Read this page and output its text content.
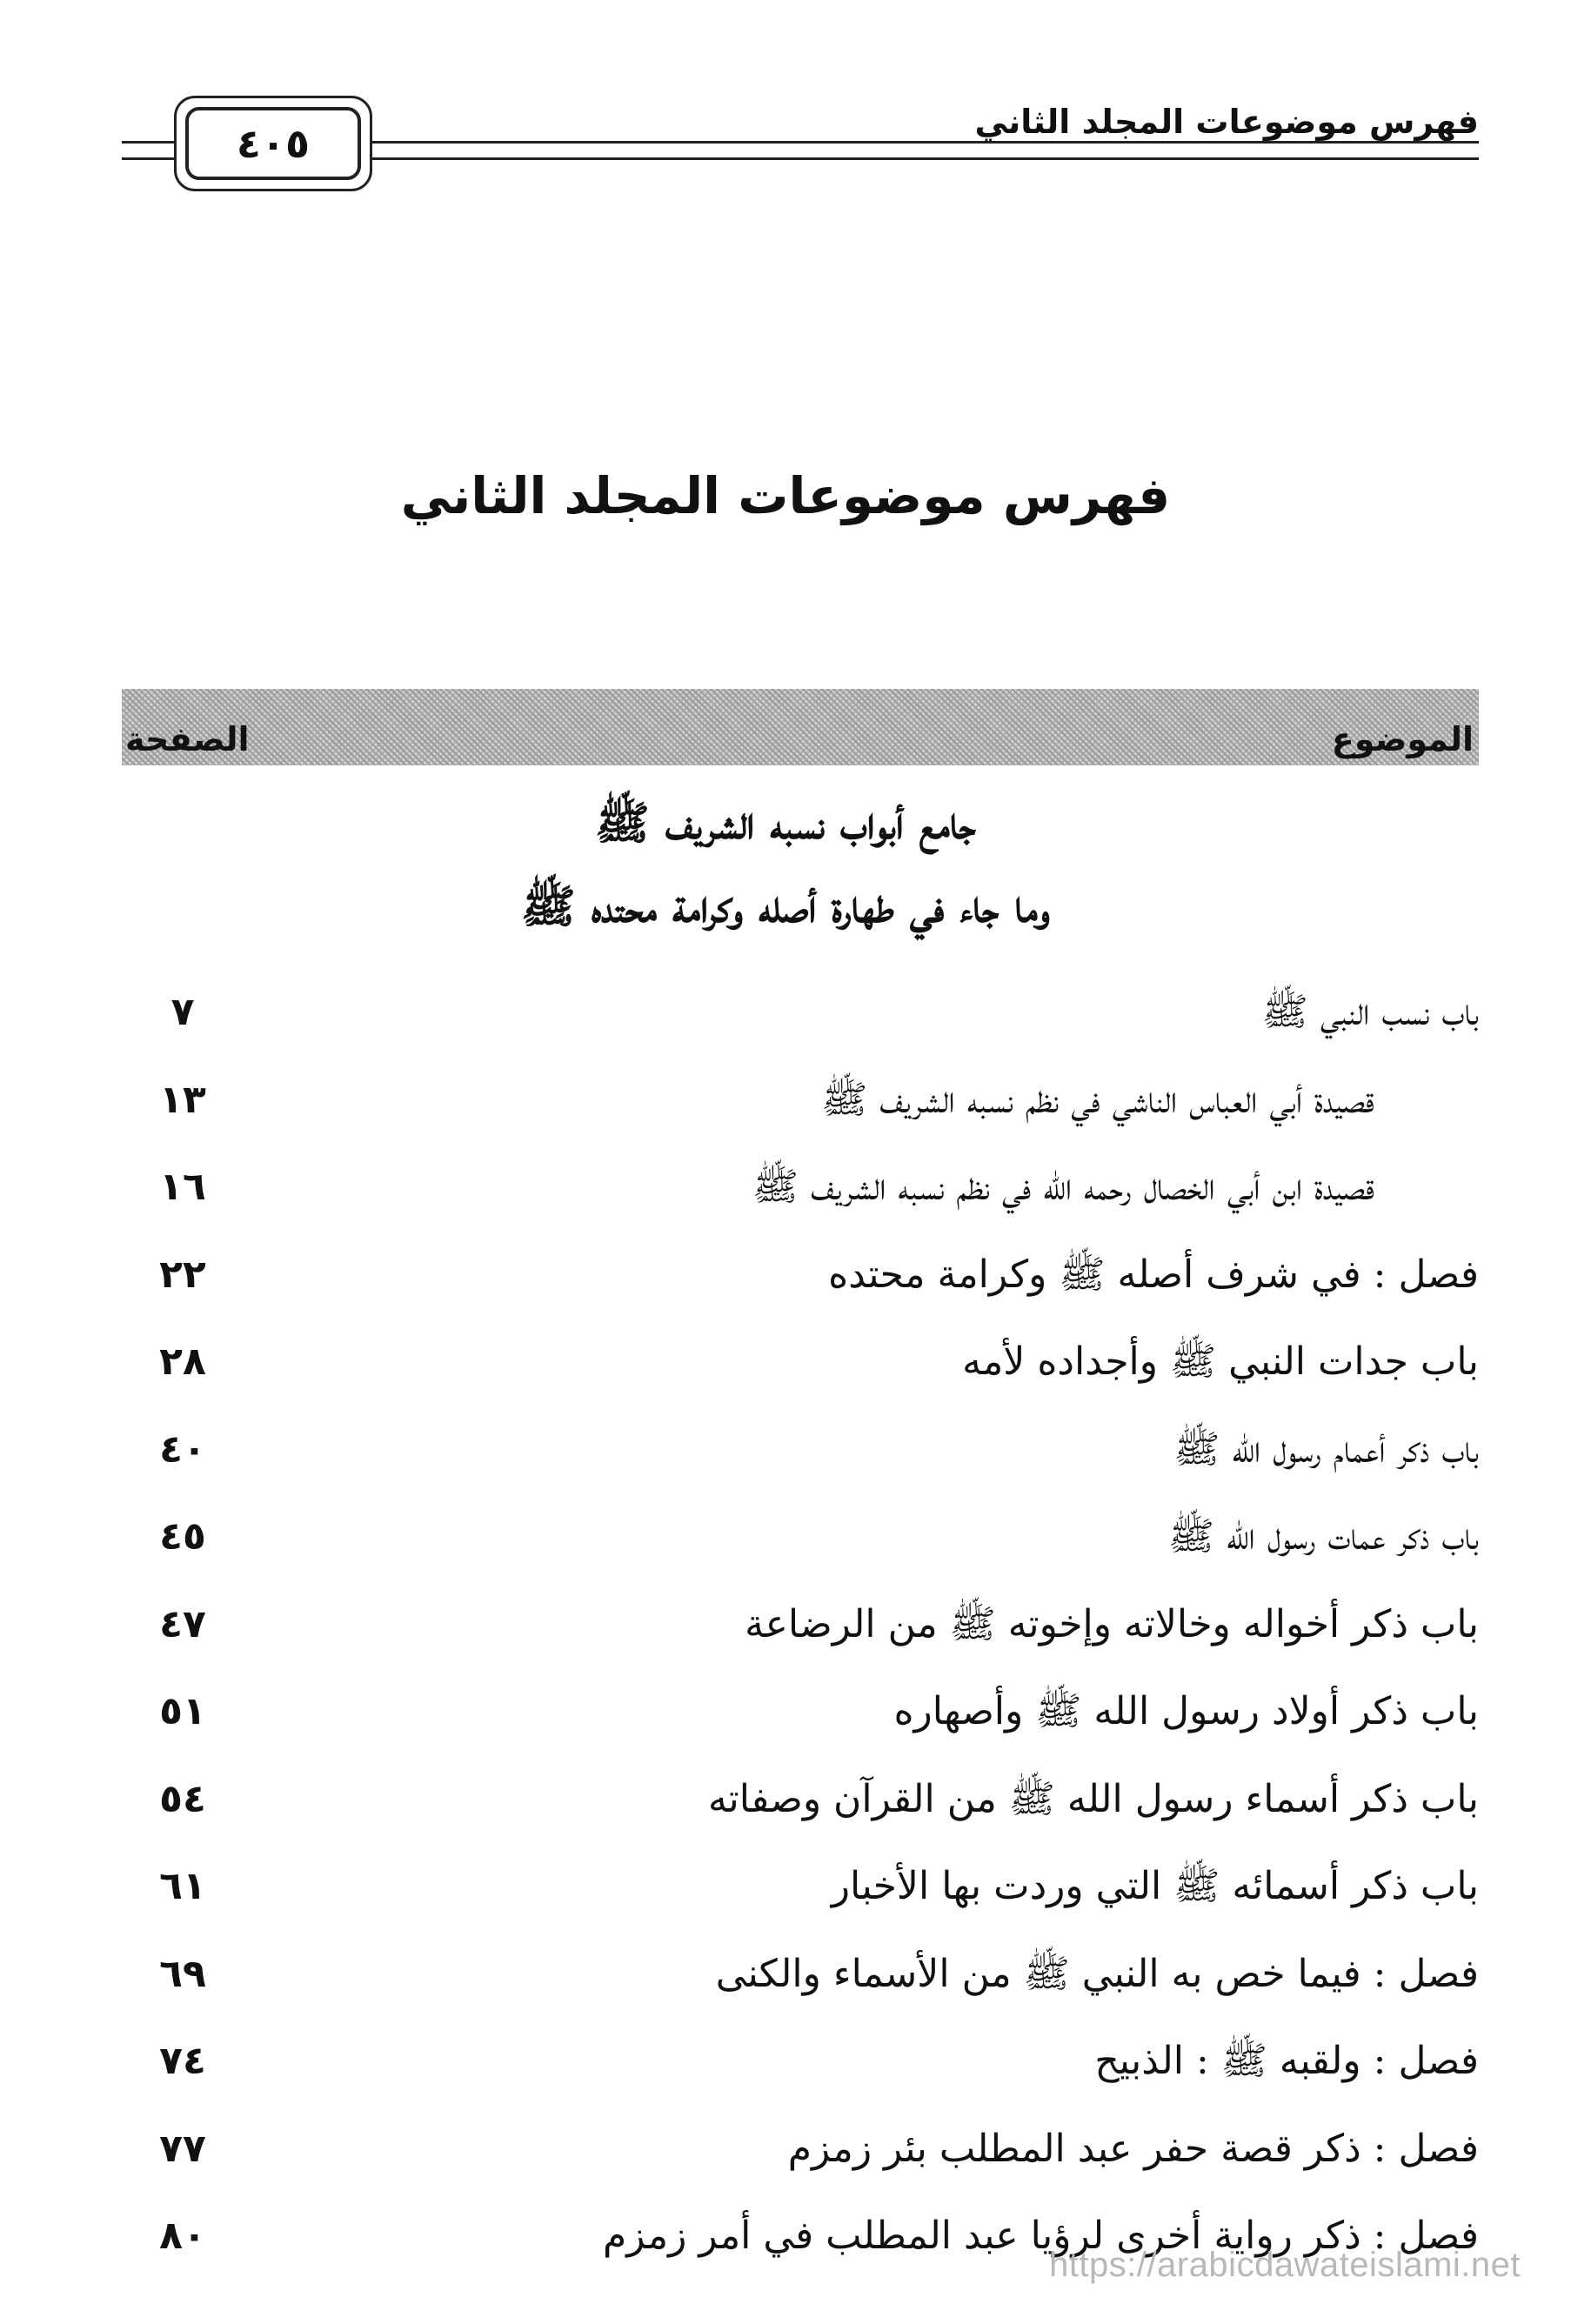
فهرس موضوعات المجلد الثاني
٤٠٥
فهرس موضوعات المجلد الثاني
الموضوع
الصفحة
جامع أبواب نسبه الشريف ﷺ
وما جاء في طهارة أصله وكرامة محتده ﷺ
باب نسب النبي ﷺ
٧
قصيدة أبي العباس الناشي في نظم نسبه الشريف ﷺ
١٣
قصيدة ابن أبي الخصال رحمه الله في نظم نسبه الشريف ﷺ
١٦
فصل : في شرف أصله ﷺ وكرامة محتده
٢٢
باب جدات النبي ﷺ وأجداده لأمه
٢٨
باب ذكر أعمام رسول الله ﷺ
٤٠
باب ذكر عمات رسول الله ﷺ
٤٥
باب ذكر أخواله وخالاته وإخوته ﷺ من الرضاعة
٤٧
باب ذكر أولاد رسول الله ﷺ وأصهاره
٥١
باب ذكر أسماء رسول الله ﷺ من القرآن وصفاته
٥٤
باب ذكر أسمائه ﷺ التي وردت بها الأخبار
٦١
فصل : فيما خص به النبي ﷺ من الأسماء والكنى
٦٩
فصل : ولقبه ﷺ : الذبيح
٧٤
فصل : ذكر قصة حفر عبد المطلب بئر زمزم
٧٧
فصل : ذكر رواية أخرى لرؤيا عبد المطلب في أمر زمزم
٨٠
https://arabicdawateislami.net
